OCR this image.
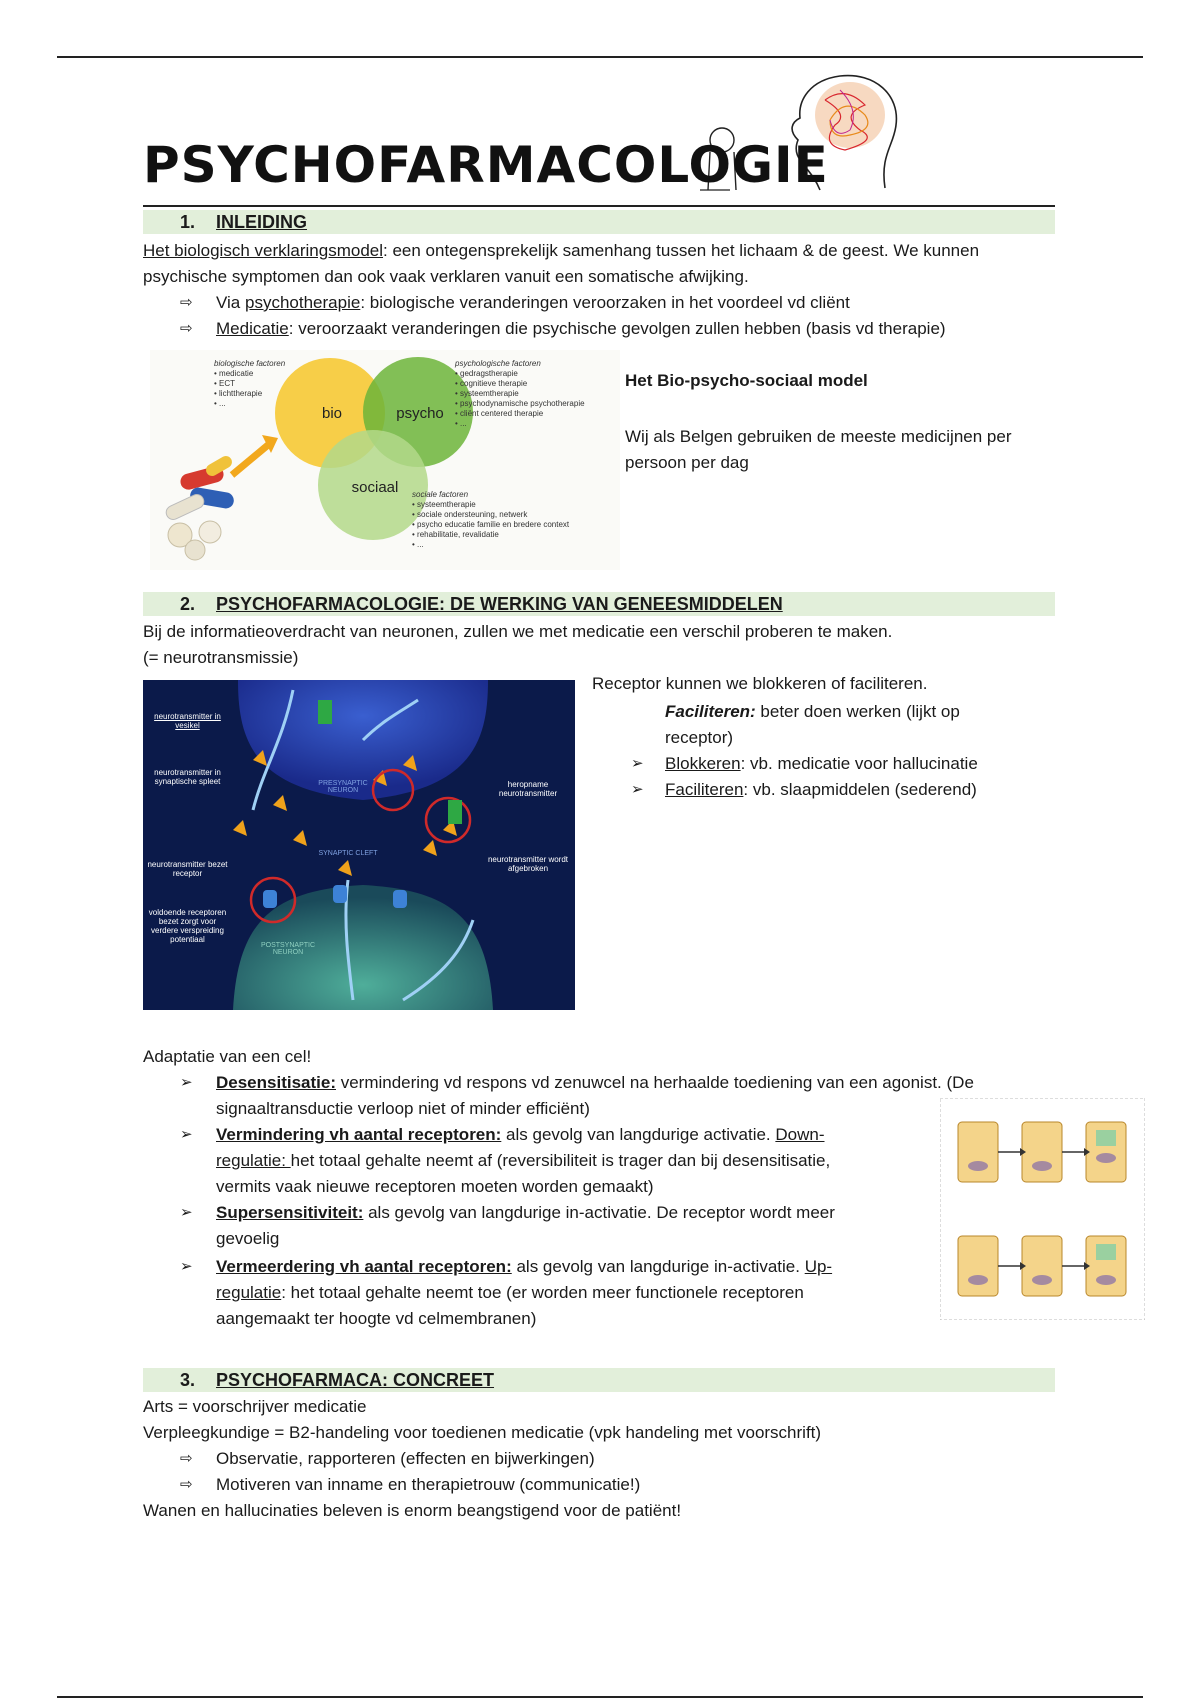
PSYCHOFARMACOLOGIE
1. INLEIDING
Het biologisch verklaringsmodel: een ontegensprekelijk samenhang tussen het lichaam & de geest. We kunnen
psychische symptomen dan ook vaak verklaren vanuit een somatische afwijking.
⇨ Via psychotherapie: biologische veranderingen veroorzaken in het voordeel vd cliënt
⇨ Medicatie: veroorzaakt veranderingen die psychische gevolgen zullen hebben (basis vd therapie)
bio	psycho
sociaal
biologische factoren
• medicatie
• ECT
• lichttherapie
• ...
psychologische factoren
• gedragstherapie
• cognitieve therapie
• systeemtherapie
• psychodynamische psychotherapie
• cliënt centered therapie
• ...
sociale factoren
• systeemtherapie
• sociale ondersteuning, netwerk
• psycho educatie familie en bredere context
• rehabilitatie, revalidatie
• ...
Het Bio-psycho-sociaal model
Wij als Belgen gebruiken de meeste medicijnen per
persoon per dag
2. PSYCHOFARMACOLOGIE: DE WERKING VAN GENEESMIDDELEN
Bij de informatieoverdracht van neuronen, zullen we met medicatie een verschil proberen te maken.
(= neurotransmissie)
neurotransmitter in vesikel
neurotransmitter in synaptische spleet
neurotransmitter bezet receptor
voldoende receptoren bezet zorgt voor verdere verspreiding potentiaal
heropname neurotransmitter
neurotransmitter wordt afgebroken
PRESYNAPTIC NEURON
SYNAPTIC CLEFT
POSTSYNAPTIC NEURON
Receptor kunnen we blokkeren of faciliteren.
Faciliteren: beter doen werken (lijkt op
receptor)
➢ Blokkeren: vb. medicatie voor hallucinatie
➢ Faciliteren: vb. slaapmiddelen (sederend)
Adaptatie van een cel!
➢ Desensitisatie: vermindering vd respons vd zenuwcel na herhaalde toediening van een agonist. (De
signaaltransductie verloop niet of minder efficiënt)
➢ Vermindering vh aantal receptoren: als gevolg van langdurige activatie. Down-
regulatie: het totaal gehalte neemt af (reversibiliteit is trager dan bij desensitisatie,
vermits vaak nieuwe receptoren moeten worden gemaakt)
➢ Supersensitiviteit: als gevolg van langdurige in-activatie. De receptor wordt meer
gevoelig
➢ Vermeerdering vh aantal receptoren: als gevolg van langdurige in-activatie. Up-
regulatie: het totaal gehalte neemt toe (er worden meer functionele receptoren
aangemaakt ter hoogte vd celmembranen)
3. PSYCHOFARMACA: CONCREET
Arts = voorschrijver medicatie
Verpleegkundige = B2-handeling voor toedienen medicatie (vpk handeling met voorschrift)
⇨ Observatie, rapporteren (effecten en bijwerkingen)
⇨ Motiveren van inname en therapietrouw (communicatie!)
Wanen en hallucinaties beleven is enorm beangstigend voor de patiënt!
